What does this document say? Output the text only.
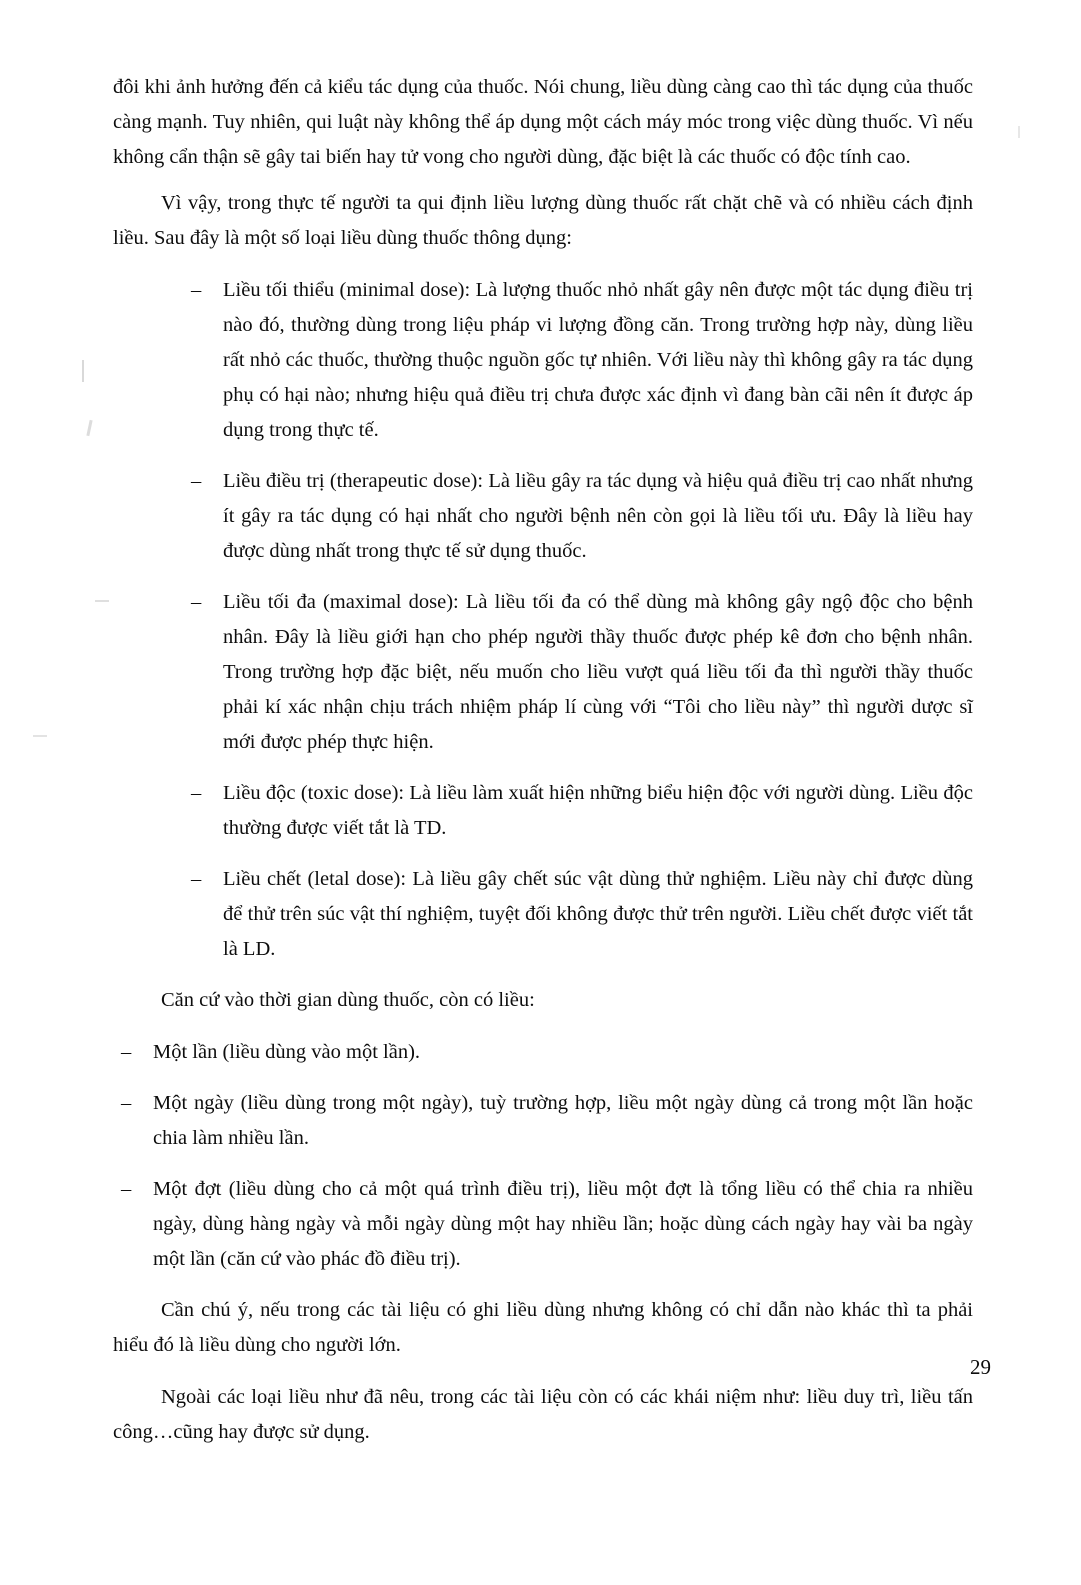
đôi khi ảnh hưởng đến cả kiểu tác dụng của thuốc. Nói chung, liều dùng càng cao thì tác dụng của thuốc càng mạnh. Tuy nhiên, qui luật này không thể áp dụng một cách máy móc trong việc dùng thuốc. Vì nếu không cẩn thận sẽ gây tai biến hay tử vong cho người dùng, đặc biệt là các thuốc có độc tính cao.

Vì vậy, trong thực tế người ta qui định liều lượng dùng thuốc rất chặt chẽ và có nhiều cách định liều. Sau đây là một số loại liều dùng thuốc thông dụng:

– Liều tối thiểu (minimal dose): Là lượng thuốc nhỏ nhất gây nên được một tác dụng điều trị nào đó, thường dùng trong liệu pháp vi lượng đồng căn. Trong trường hợp này, dùng liều rất nhỏ các thuốc, thường thuộc nguồn gốc tự nhiên. Với liều này thì không gây ra tác dụng phụ có hại nào; nhưng hiệu quả điều trị chưa được xác định vì đang bàn cãi nên ít được áp dụng trong thực tế.
– Liều điều trị (therapeutic dose): Là liều gây ra tác dụng và hiệu quả điều trị cao nhất nhưng ít gây ra tác dụng có hại nhất cho người bệnh nên còn gọi là liều tối ưu. Đây là liều hay được dùng nhất trong thực tế sử dụng thuốc.
– Liều tối đa (maximal dose): Là liều tối đa có thể dùng mà không gây ngộ độc cho bệnh nhân. Đây là liều giới hạn cho phép người thầy thuốc được phép kê đơn cho bệnh nhân. Trong trường hợp đặc biệt, nếu muốn cho liều vượt quá liều tối đa thì người thầy thuốc phải kí xác nhận chịu trách nhiệm pháp lí cùng với “Tôi cho liều này” thì người dược sĩ mới được phép thực hiện.
– Liều độc (toxic dose): Là liều làm xuất hiện những biểu hiện độc với người dùng. Liều độc thường được viết tắt là TD.
– Liều chết (letal dose): Là liều gây chết súc vật dùng thử nghiệm. Liều này chỉ được dùng để thử trên súc vật thí nghiệm, tuyệt đối không được thử trên người. Liều chết được viết tắt là LD.

Căn cứ vào thời gian dùng thuốc, còn có liều:

– Một lần (liều dùng vào một lần).
– Một ngày (liều dùng trong một ngày), tuỳ trường hợp, liều một ngày dùng cả trong một lần hoặc chia làm nhiều lần.
– Một đợt (liều dùng cho cả một quá trình điều trị), liều một đợt là tổng liều có thể chia ra nhiều ngày, dùng hàng ngày và mỗi ngày dùng một hay nhiều lần; hoặc dùng cách ngày hay vài ba ngày một lần (căn cứ vào phác đồ điều trị).

Cần chú ý, nếu trong các tài liệu có ghi liều dùng nhưng không có chỉ dẫn nào khác thì ta phải hiểu đó là liều dùng cho người lớn.

Ngoài các loại liều như đã nêu, trong các tài liệu còn có các khái niệm như: liều duy trì, liều tấn công…cũng hay được sử dụng.

29
